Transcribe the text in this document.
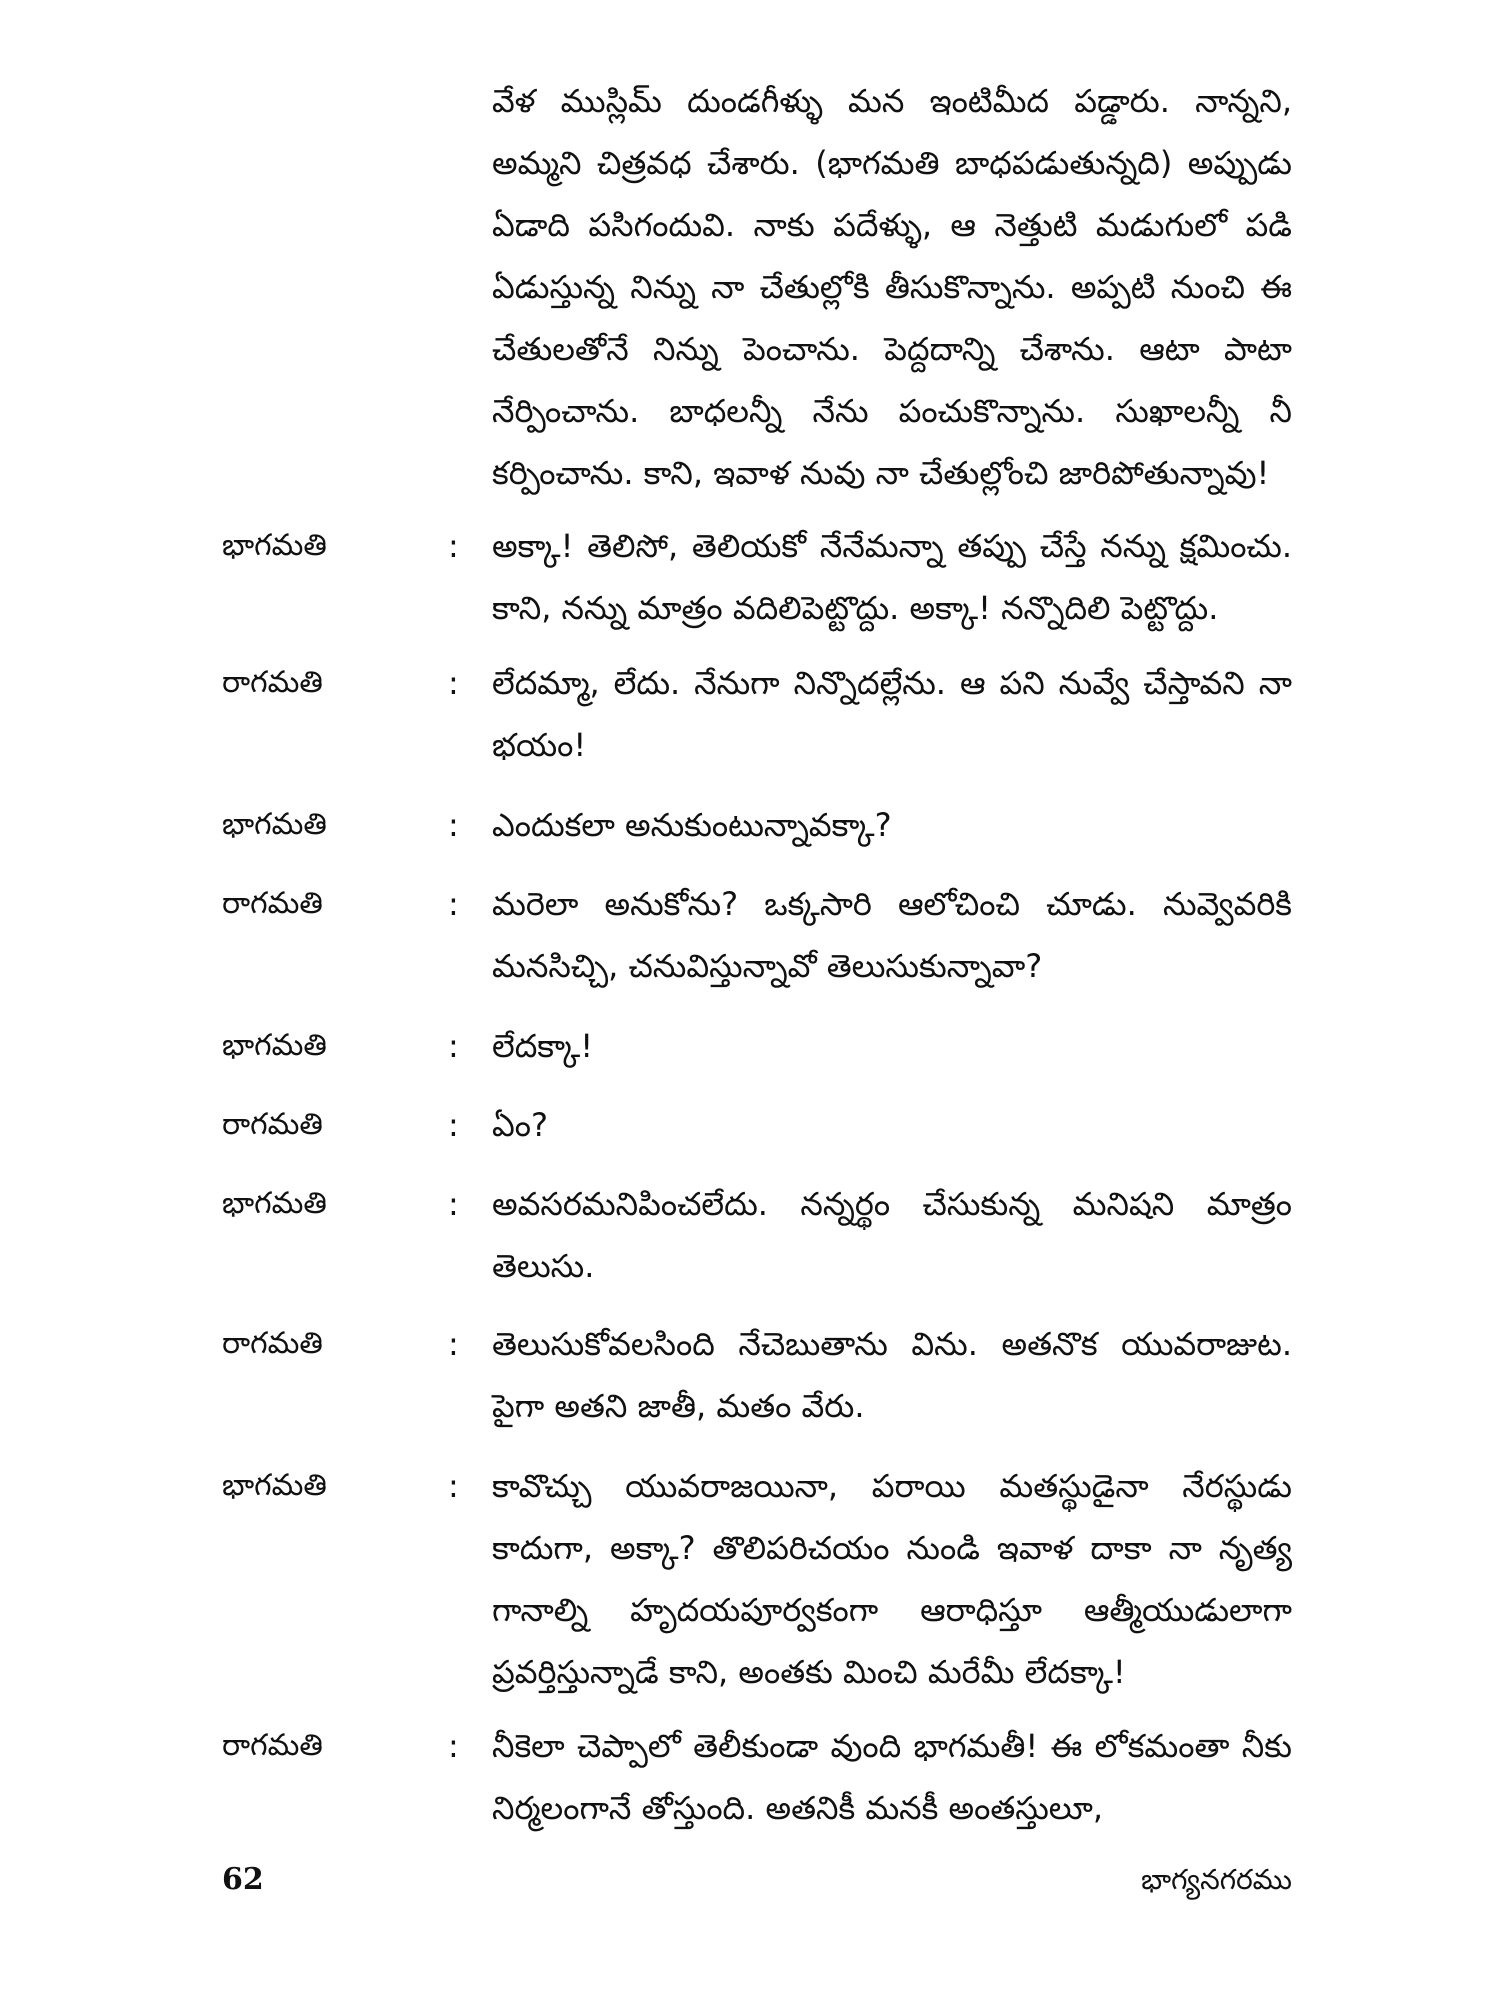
వేళ ముస్లిమ్ దుండగీళ్ళు మన ఇంటిమీద పడ్డారు. నాన్నని, అమ్మని చిత్రవధ చేశారు. (భాగమతి బాధపడుతున్నది) అప్పుడు ఏడాది పసిగందువి. నాకు పదేళ్ళు, ఆ నెత్తుటి మడుగులో పడి ఏడుస్తున్న నిన్ను నా చేతుల్లోకి తీసుకొన్నాను. అప్పటి నుంచి ఈ చేతులతోనే నిన్ను పెంచాను. పెద్దదాన్ని చేశాను. ఆటా పాటా నేర్పించాను. బాధలన్నీ నేను పంచుకొన్నాను. సుఖాలన్నీ నీ కర్పించాను. కాని, ఇవాళ నువు నా చేతుల్లోంచి జారిపోతున్నావు!

భాగమతి	: అక్కా! తెలిసో, తెలియకో నేనేమన్నా తప్పు చేస్తే నన్ను క్షమించు. కాని, నన్ను మాత్రం వదిలిపెట్టొద్దు. అక్కా! నన్నొదిలి పెట్టొద్దు.

రాగమతి	: లేదమ్మా, లేదు. నేనుగా నిన్నొదల్లేను. ఆ పని నువ్వే చేస్తావని నా భయం!

భాగమతి	: ఎందుకలా అనుకుంటున్నావక్కా?

రాగమతి	: మరెలా అనుకోను? ఒక్కసారి ఆలోచించి చూడు. నువ్వెవరికి మనసిచ్చి, చనువిస్తున్నావో తెలుసుకున్నావా?

భాగమతి	: లేదక్కా!

రాగమతి	: ఏం?

భాగమతి	: అవసరమనిపించలేదు. నన్నర్థం చేసుకున్న మనిషని మాత్రం తెలుసు.

రాగమతి	: తెలుసుకోవలసింది నేచెబుతాను విను. అతనొక యువరాజుట. పైగా అతని జాతీ, మతం వేరు.

భాగమతి	: కావొచ్చు యువరాజయినా, పరాయి మతస్థుడైనా నేరస్థుడు కాదుగా, అక్కా? తొలిపరిచయం నుండి ఇవాళ దాకా నా నృత్య గానాల్ని హృదయపూర్వకంగా ఆరాధిస్తూ ఆత్మీయుడులాగా ప్రవర్తిస్తున్నాడే కాని, అంతకు మించి మరేమీ లేదక్కా!

రాగమతి	: నీకెలా చెప్పాలో తెలీకుండా వుంది భాగమతీ! ఈ లోకమంతా నీకు నిర్మలంగానే తోస్తుంది. అతనికీ మనకీ అంతస్తులూ,

62	భాగ్యనగరము
